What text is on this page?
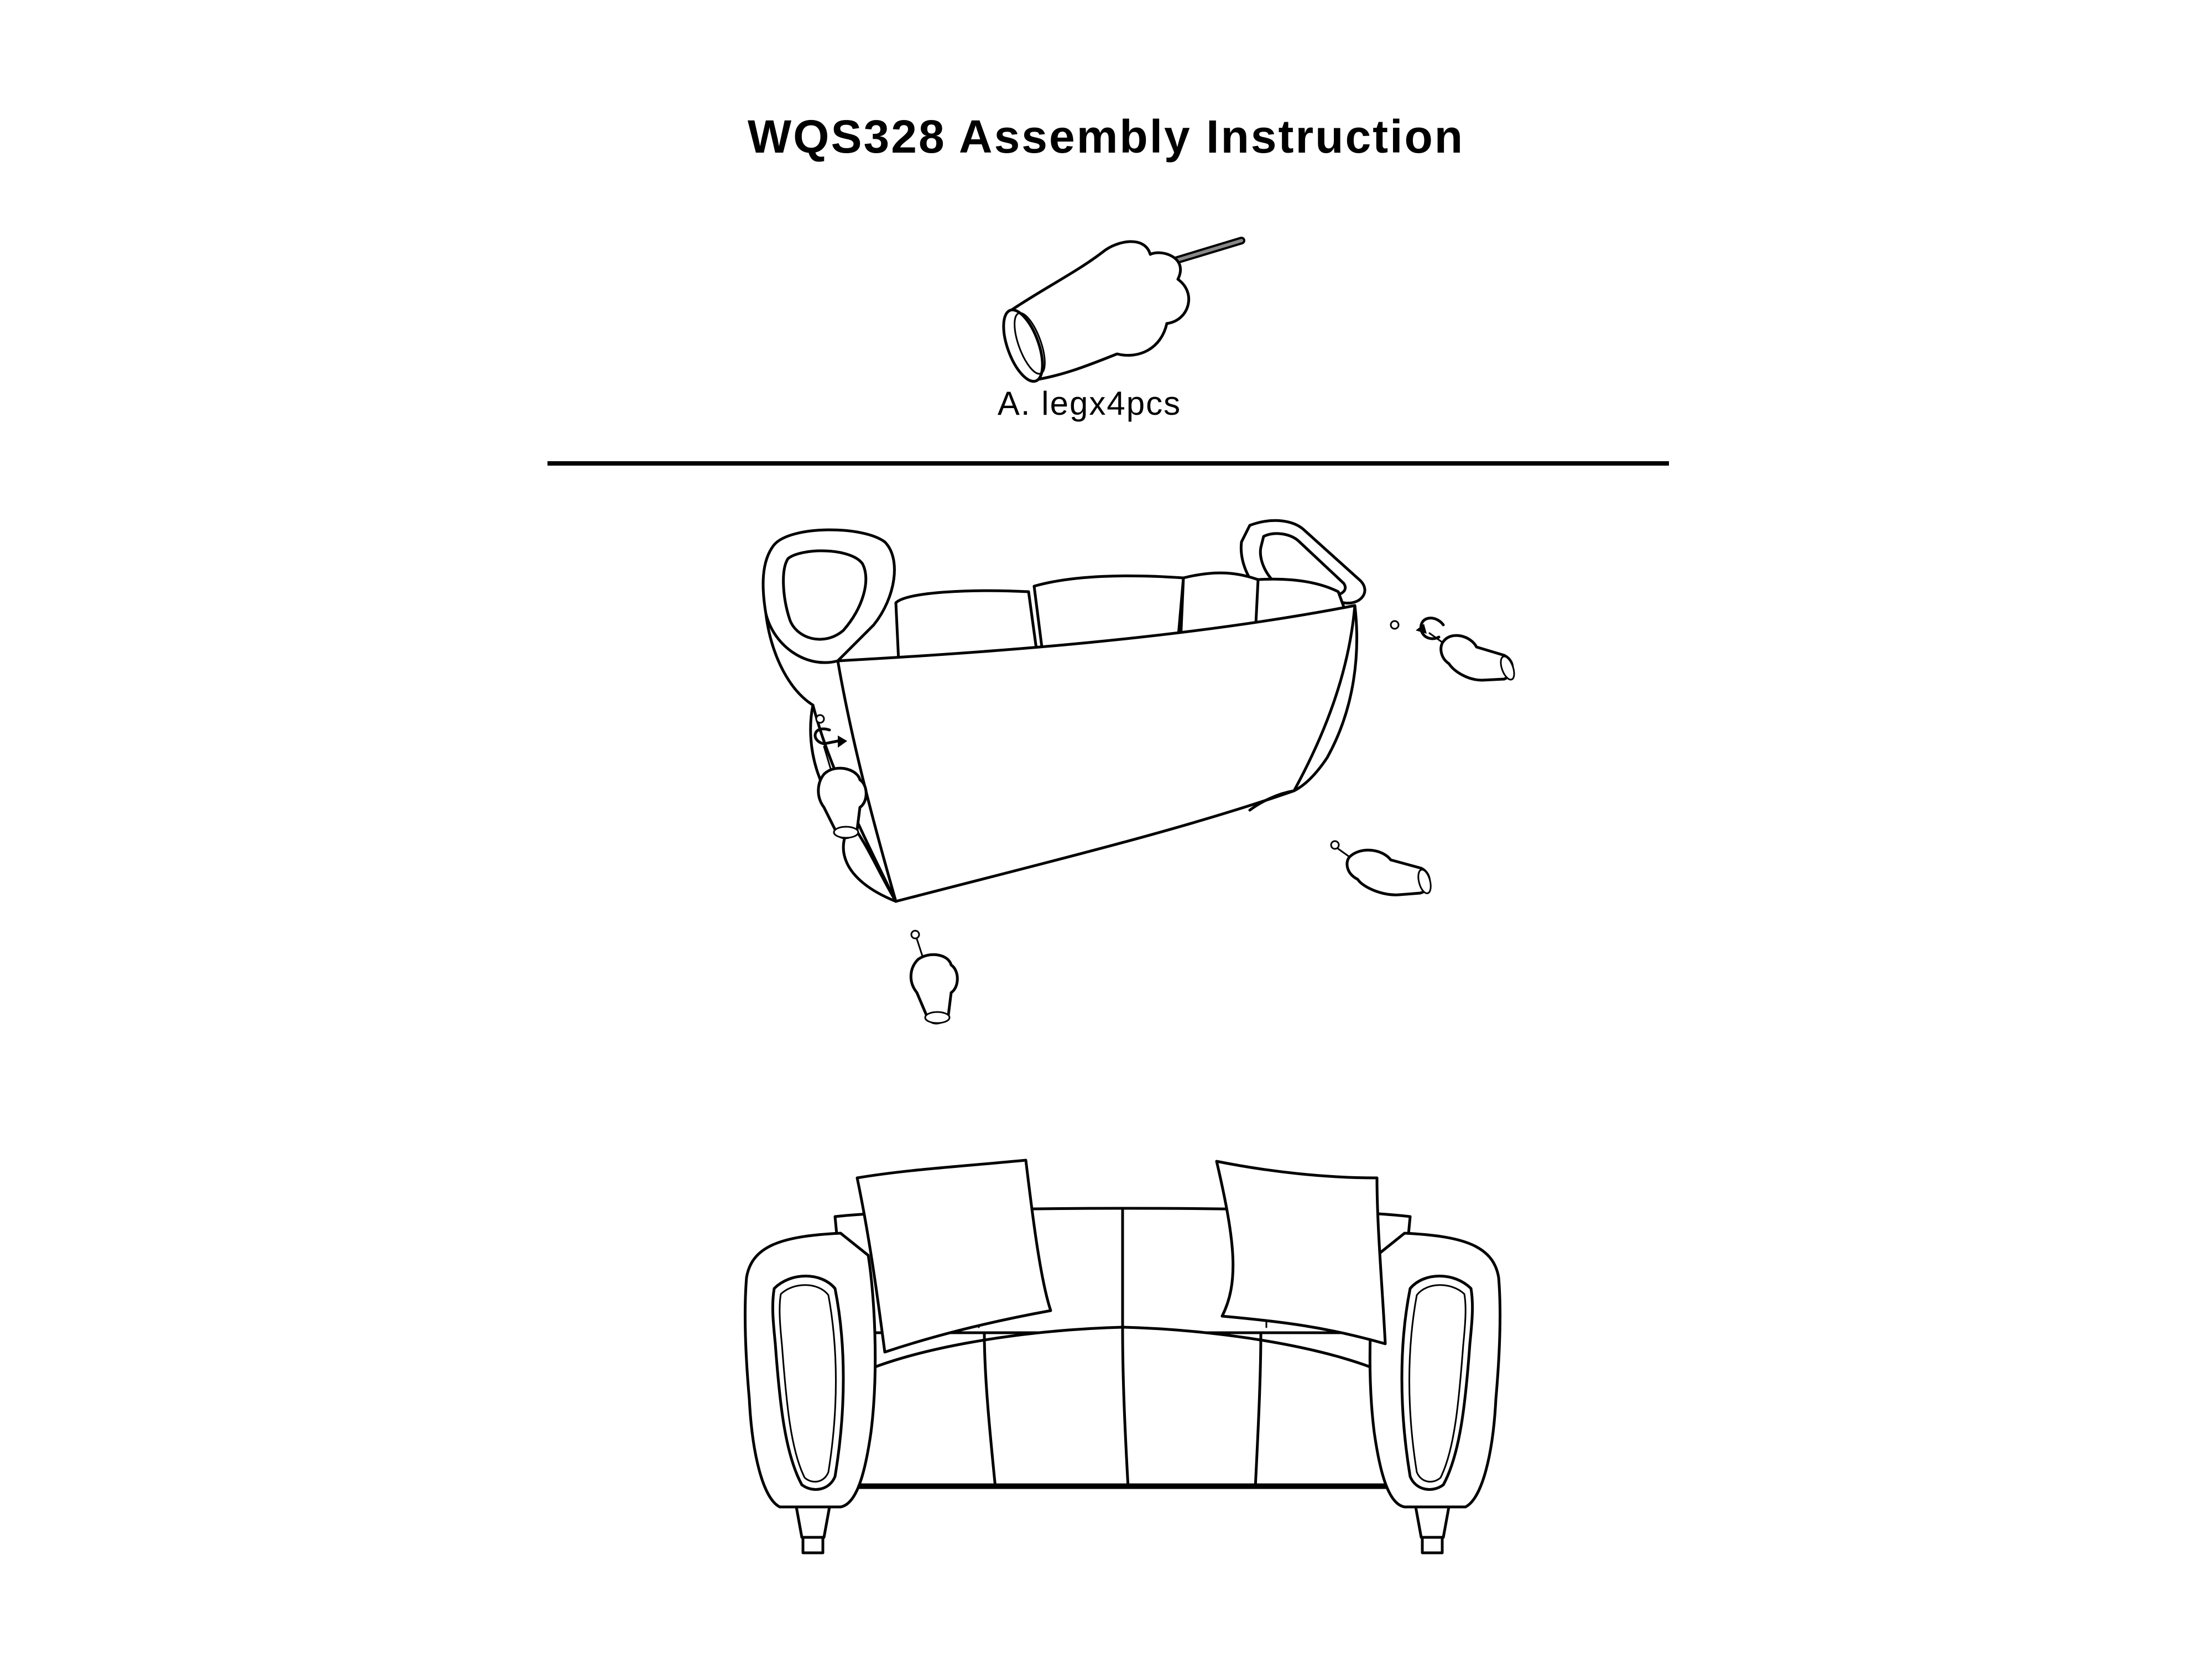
WQS328 Assembly Instruction
A. legx4pcs
